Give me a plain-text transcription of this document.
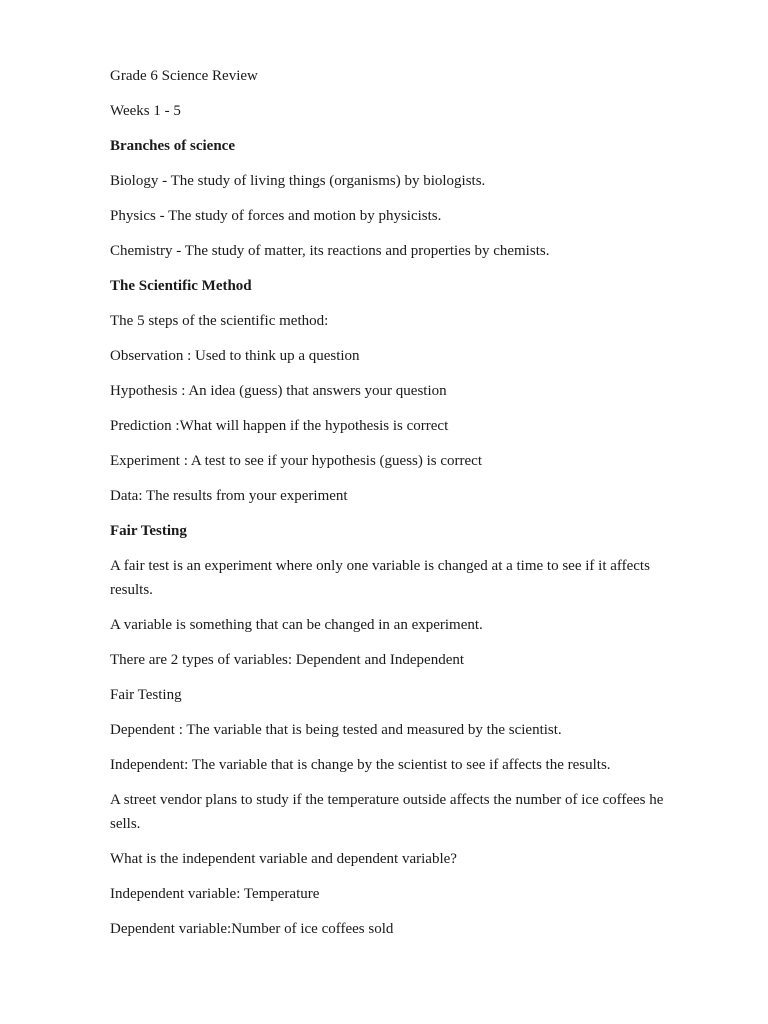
Grade 6 Science Review

Weeks 1 - 5

Branches of science

Biology - The study of living things (organisms) by biologists.

Physics - The study of forces and motion by physicists.

Chemistry - The study of matter, its reactions and properties by chemists.

The Scientific Method

The 5 steps of the scientific method:

Observation : Used to think up a question

Hypothesis : An idea (guess) that answers your question

Prediction :What will happen if the hypothesis is correct

Experiment : A test to see if your hypothesis (guess) is correct

Data: The results from your experiment

Fair Testing

A fair test is an experiment where only one variable is changed at a time to see if it affects results.

A variable is something that can be changed in an experiment.

There are 2 types of variables: Dependent and Independent

Fair Testing

Dependent : The variable that is being tested and measured by the scientist.

Independent: The variable that is change by the scientist to see if affects the results.

A street vendor plans to study if the temperature outside affects the number of ice coffees he sells.

What is the independent variable and dependent variable?

Independent variable: Temperature

Dependent variable:Number of ice coffees sold
